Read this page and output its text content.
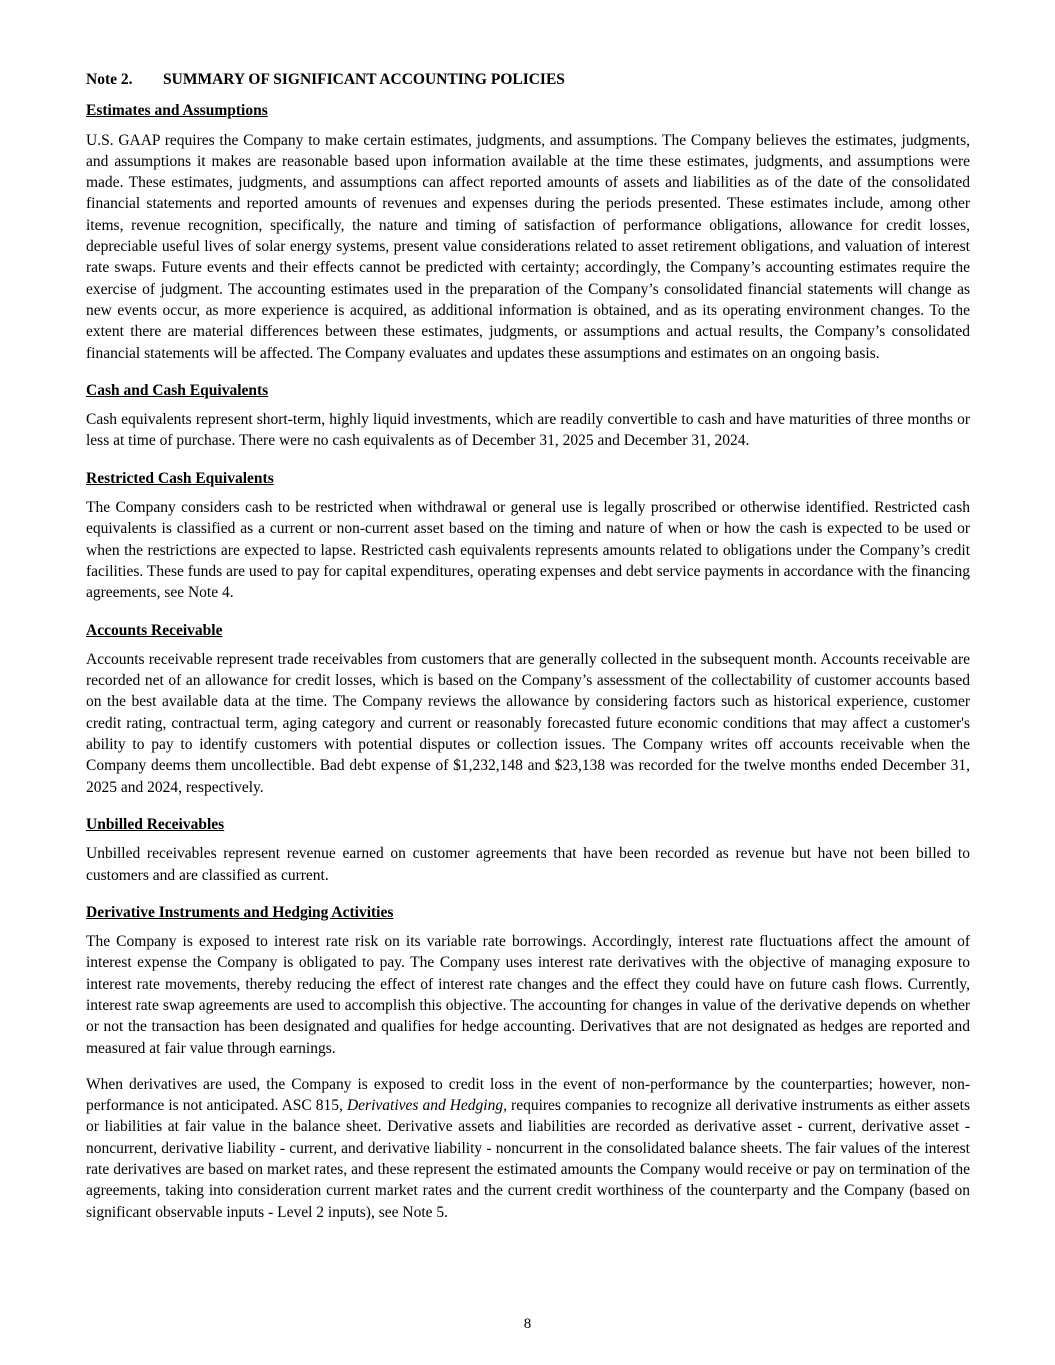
Note 2. SUMMARY OF SIGNIFICANT ACCOUNTING POLICIES
Estimates and Assumptions

U.S. GAAP requires the Company to make certain estimates, judgments, and assumptions. The Company believes the estimates, judgments, and assumptions it makes are reasonable based upon information available at the time these estimates, judgments, and assumptions were made. These estimates, judgments, and assumptions can affect reported amounts of assets and liabilities as of the date of the consolidated financial statements and reported amounts of revenues and expenses during the periods presented. These estimates include, among other items, revenue recognition, specifically, the nature and timing of satisfaction of performance obligations, allowance for credit losses, depreciable useful lives of solar energy systems, present value considerations related to asset retirement obligations, and valuation of interest rate swaps. Future events and their effects cannot be predicted with certainty; accordingly, the Company’s accounting estimates require the exercise of judgment. The accounting estimates used in the preparation of the Company’s consolidated financial statements will change as new events occur, as more experience is acquired, as additional information is obtained, and as its operating environment changes. To the extent there are material differences between these estimates, judgments, or assumptions and actual results, the Company’s consolidated financial statements will be affected. The Company evaluates and updates these assumptions and estimates on an ongoing basis.

Cash and Cash Equivalents

Cash equivalents represent short-term, highly liquid investments, which are readily convertible to cash and have maturities of three months or less at time of purchase. There were no cash equivalents as of December 31, 2025 and December 31, 2024.

Restricted Cash Equivalents

The Company considers cash to be restricted when withdrawal or general use is legally proscribed or otherwise identified. Restricted cash equivalents is classified as a current or non-current asset based on the timing and nature of when or how the cash is expected to be used or when the restrictions are expected to lapse. Restricted cash equivalents represents amounts related to obligations under the Company’s credit facilities. These funds are used to pay for capital expenditures, operating expenses and debt service payments in accordance with the financing agreements, see Note 4.

Accounts Receivable

Accounts receivable represent trade receivables from customers that are generally collected in the subsequent month. Accounts receivable are recorded net of an allowance for credit losses, which is based on the Company’s assessment of the collectability of customer accounts based on the best available data at the time. The Company reviews the allowance by considering factors such as historical experience, customer credit rating, contractual term, aging category and current or reasonably forecasted future economic conditions that may affect a customer's ability to pay to identify customers with potential disputes or collection issues. The Company writes off accounts receivable when the Company deems them uncollectible. Bad debt expense of $1,232,148 and $23,138 was recorded for the twelve months ended December 31, 2025 and 2024, respectively.

Unbilled Receivables

Unbilled receivables represent revenue earned on customer agreements that have been recorded as revenue but have not been billed to customers and are classified as current.

Derivative Instruments and Hedging Activities

The Company is exposed to interest rate risk on its variable rate borrowings. Accordingly, interest rate fluctuations affect the amount of interest expense the Company is obligated to pay. The Company uses interest rate derivatives with the objective of managing exposure to interest rate movements, thereby reducing the effect of interest rate changes and the effect they could have on future cash flows. Currently, interest rate swap agreements are used to accomplish this objective. The accounting for changes in value of the derivative depends on whether or not the transaction has been designated and qualifies for hedge accounting. Derivatives that are not designated as hedges are reported and measured at fair value through earnings.

When derivatives are used, the Company is exposed to credit loss in the event of non-performance by the counterparties; however, non-performance is not anticipated. ASC 815, Derivatives and Hedging, requires companies to recognize all derivative instruments as either assets or liabilities at fair value in the balance sheet. Derivative assets and liabilities are recorded as derivative asset - current, derivative asset - noncurrent, derivative liability - current, and derivative liability - noncurrent in the consolidated balance sheets. The fair values of the interest rate derivatives are based on market rates, and these represent the estimated amounts the Company would receive or pay on termination of the agreements, taking into consideration current market rates and the current credit worthiness of the counterparty and the Company (based on significant observable inputs - Level 2 inputs), see Note 5.

8
